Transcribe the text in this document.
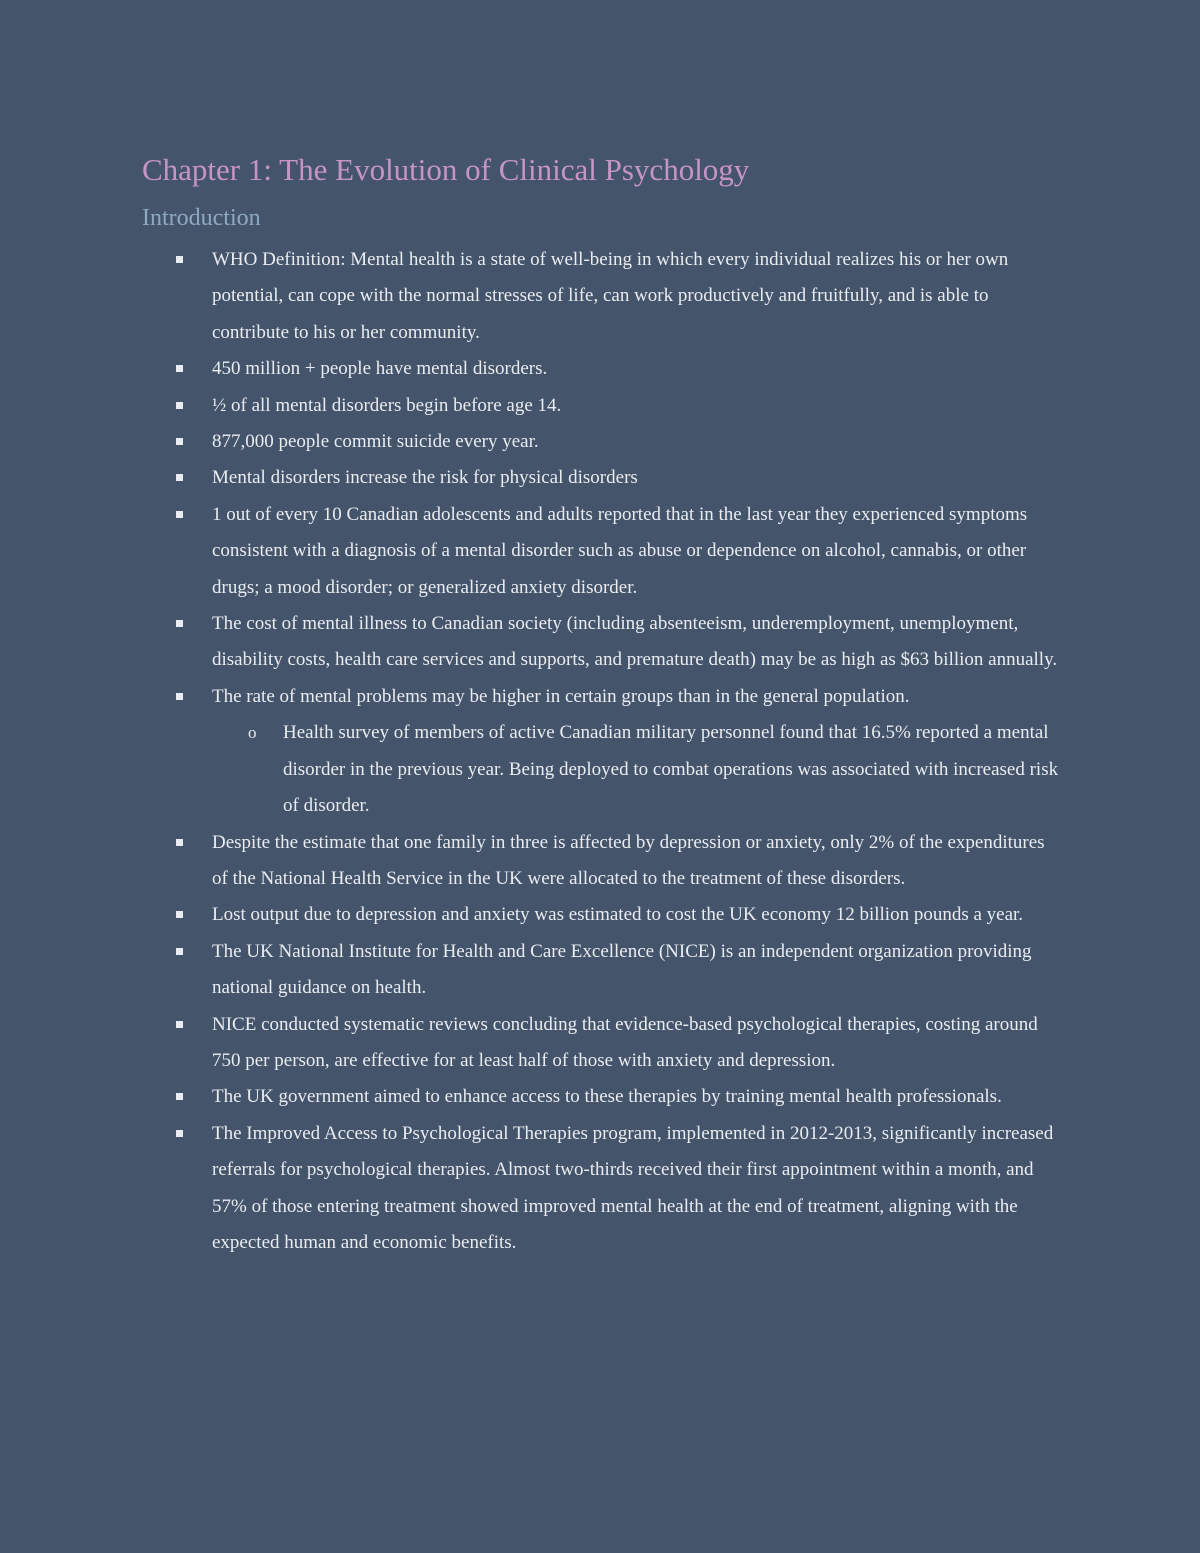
Chapter 1: The Evolution of Clinical Psychology
Introduction
WHO Definition: Mental health is a state of well-being in which every individual realizes his or her own potential, can cope with the normal stresses of life, can work productively and fruitfully, and is able to contribute to his or her community.
450 million + people have mental disorders.
½ of all mental disorders begin before age 14.
877,000 people commit suicide every year.
Mental disorders increase the risk for physical disorders
1 out of every 10 Canadian adolescents and adults reported that in the last year they experienced symptoms consistent with a diagnosis of a mental disorder such as abuse or dependence on alcohol, cannabis, or other drugs; a mood disorder; or generalized anxiety disorder.
The cost of mental illness to Canadian society (including absenteeism, underemployment, unemployment, disability costs, health care services and supports, and premature death) may be as high as $63 billion annually.
The rate of mental problems may be higher in certain groups than in the general population.
o Health survey of members of active Canadian military personnel found that 16.5% reported a mental disorder in the previous year. Being deployed to combat operations was associated with increased risk of disorder.
Despite the estimate that one family in three is affected by depression or anxiety, only 2% of the expenditures of the National Health Service in the UK were allocated to the treatment of these disorders.
Lost output due to depression and anxiety was estimated to cost the UK economy 12 billion pounds a year.
The UK National Institute for Health and Care Excellence (NICE) is an independent organization providing national guidance on health.
NICE conducted systematic reviews concluding that evidence-based psychological therapies, costing around 750 per person, are effective for at least half of those with anxiety and depression.
The UK government aimed to enhance access to these therapies by training mental health professionals.
The Improved Access to Psychological Therapies program, implemented in 2012-2013, significantly increased referrals for psychological therapies. Almost two-thirds received their first appointment within a month, and 57% of those entering treatment showed improved mental health at the end of treatment, aligning with the expected human and economic benefits.
